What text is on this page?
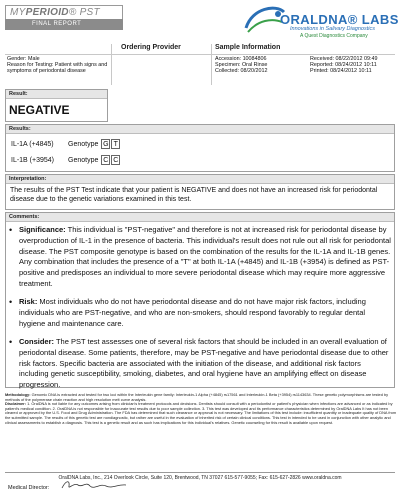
MYPERIOID® PST
FINAL REPORT	ORALDNA® LABS
Innovations in Salivary Diagnostics
A Quest Diagnostics Company
Gender: Male
Reason for Testing: Patient with signs and symptoms of periodontal disease
Ordering Provider	Sample Information
Accession: 10084806
Specimen: Oral Rinse
Collected: 08/20/2012
Received: 08/22/2012 09:49
Reported: 08/24/2012 10:11
Printed: 08/24/2012 10:11
Result:
NEGATIVE
Results:
IL-1A (+4845) Genotype G T
IL-1B (+3954) Genotype C C
Interpretation:
The results of the PST Test indicate that your patient is NEGATIVE and does not have an increased risk for periodontal disease due to the genetic variations examined in this test.
Comments:
• Significance: This individual is "PST-negative" and therefore is not at increased risk for periodontal disease by overproduction of IL-1 in the presence of bacteria. This individual's result does not rule out all risk for periodontal disease. The PST composite genotype is based on the combination of the results for the IL-1A and IL-1B genes. Any combination that includes the presence of a "T" at both IL-1A (+4845) and IL-1B (+3954) is defined as PST-positive and predisposes an individual to more severe periodontal disease which may require more aggressive treatment.
• Risk: Most individuals who do not have periodontal disease and do not have major risk factors, including individuals who are PST-negative, and who are non-smokers, should respond favorably to regular dental hygiene and maintenance care.
• Consider: The PST test assesses one of several risk factors that should be included in an overall evaluation of periodontal disease. Some patients, therefore, may be PST-negative and have periodontal disease due to other risk factors. Specific bacteria are associated with the initiation of the disease, and additional risk factors including genetic susceptibility, smoking, diabetes, and oral hygiene have an amplifying effect on disease progression.
Methodology: Genomic DNA is extracted and tested for two loci within the Interleukin gene family: Interleukin-1 Alpha (+4845) rs17561 and Interleukin-1 Beta (+3954) rs1143634. These genetic polymorphisms are tested by methods of the polymerase chain reaction and high resolution melt curve analysis.
Disclaimer: 1. OralDNA is not liable for any outcomes arising from clinician's treatment protocols and decisions. Dentists should consult with a periodontist or patient's physician when infections are advanced or as indicated by patient's medical condition. 2. OralDNA is not responsible for inaccurate test results due to poor sample collection. 3. This test was developed and its performance characteristics determined by OralDNA Labs It has not been cleared or approved by the U.S. Food and Drug Administration. The FDA has determined that such clearance or approval is not necessary. The limitations of this test include: insufficient quantity or inadequate quality of DNA from the submitted sample. The results of this genetic test are nondiagnostic, but rather are useful in the evaluation of inherited risk of certain clinical conditions. This test in intended to be used in conjunction with other analytic and clinical assessments to establish a diagnosis. This test is a genetic result and as such has implications for this individual's relatives. Genetic counseling for this result is available upon request.
OralDNA Labs, Inc., 214 Overlook Circle, Suite 120, Brentwood, TN 37027 615-577-9055; Fax: 615-627-2826 www.oraldna.com
Medical Director:
